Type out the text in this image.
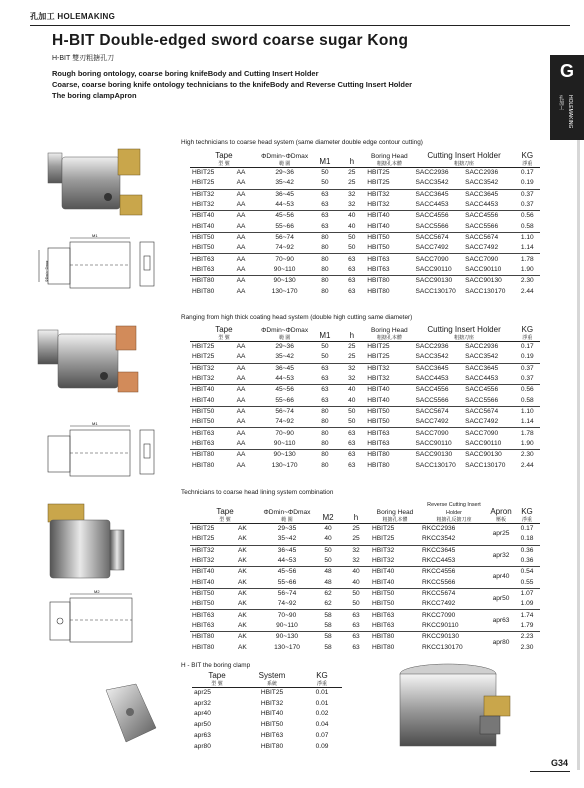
孔加工 HOLEMAKING
H-BIT Double-edged sword coarse sugar Kong
H-BIT 雙刃粗搪孔刀
Rough boring ontology, coarse boring knifeBody and Cutting Insert Holder
Coarse, coarse boring knife ontology technicians to the knifeBody and Reverse Cutting Insert Holder
The boring clampApron
G
孔加工 HOLEMAKING
M1
ΦDmin~Dmax
M1
M2
High technicians to coarse head system (same diameter double edge contour cutting)
Tape
型 號		ΦDmin~ΦDmax
範 圍	M1	h	Boring Head
粗搪孔本體	Cutting Insert Holder
粗搪刀座		KG
淨重

HBIT25	AA	29~36	50	25	HBIT25	SACC2936	SACC2936	0.17
HBIT25	AA	35~42	50	25	HBIT25	SACC3542	SACC3542	0.19
HBIT32	AA	36~45	63	32	HBIT32	SACC3645	SACC3645	0.37
HBIT32	AA	44~53	63	32	HBIT32	SACC4453	SACC4453	0.37
HBIT40	AA	45~56	63	40	HBIT40	SACC4556	SACC4556	0.56
HBIT40	AA	55~66	63	40	HBIT40	SACC5566	SACC5566	0.58
HBIT50	AA	56~74	80	50	HBIT50	SACC5674	SACC5674	1.10
HBIT50	AA	74~92	80	50	HBIT50	SACC7492	SACC7492	1.14
HBIT63	AA	70~90	80	63	HBIT63	SACC7090	SACC7090	1.78
HBIT63	AA	90~110	80	63	HBIT63	SACC90110	SACC90110	1.90
HBIT80	AA	90~130	80	63	HBIT80	SACC90130	SACC90130	2.30
HBIT80	AA	130~170	80	63	HBIT80	SACC130170	SACC130170	2.44
Ranging from high thick coating head system (double high cutting same diameter)
Tape
型 號		ΦDmin~ΦDmax
範 圍	M1	h	Boring Head
粗搪孔本體	Cutting Insert Holder
粗搪刀座		KG
淨重

HBIT25	AA	29~36	50	25	HBIT25	SACC2936	SACC2936	0.17
HBIT25	AA	35~42	50	25	HBIT25	SACC3542	SACC3542	0.19
HBIT32	AA	36~45	63	32	HBIT32	SACC3645	SACC3645	0.37
HBIT32	AA	44~53	63	32	HBIT32	SACC4453	SACC4453	0.37
HBIT40	AA	45~56	63	40	HBIT40	SACC4556	SACC4556	0.56
HBIT40	AA	55~66	63	40	HBIT40	SACC5566	SACC5566	0.58
HBIT50	AA	56~74	80	50	HBIT50	SACC5674	SACC5674	1.10
HBIT50	AA	74~92	80	50	HBIT50	SACC7492	SACC7492	1.14
HBIT63	AA	70~90	80	63	HBIT63	SACC7090	SACC7090	1.78
HBIT63	AA	90~110	80	63	HBIT63	SACC90110	SACC90110	1.90
HBIT80	AA	90~130	80	63	HBIT80	SACC90130	SACC90130	2.30
HBIT80	AA	130~170	80	63	HBIT80	SACC130170	SACC130170	2.44
Technicians to coarse head lining system combination
Tape
型 號		ΦDmin~ΦDmax
範 圍	M2	h	Boring Head
粗搪孔本體	Reverse Cutting Insert Holder
粗搪孔反搪刀座	Apron
壓板	KG
淨重

HBIT25	AK	29~35	40	25	HBIT25	RKCC2936	apr25	0.17
HBIT25	AK	35~42	40	25	HBIT25	RKCC3542		0.18
HBIT32	AK	36~45	50	32	HBIT32	RKCC3645	apr32	0.36
HBIT32	AK	44~53	50	32	HBIT32	RKCC4453		0.36
HBIT40	AK	45~56	48	40	HBIT40	RKCC4556	apr40	0.54
HBIT40	AK	55~66	48	40	HBIT40	RKCC5566		0.55
HBIT50	AK	56~74	62	50	HBIT50	RKCC5674	apr50	1.07
HBIT50	AK	74~92	62	50	HBIT50	RKCC7492		1.09
HBIT63	AK	70~90	58	63	HBIT63	RKCC7090	apr63	1.74
HBIT63	AK	90~110	58	63	HBIT63	RKCC90110		1.79
HBIT80	AK	90~130	58	63	HBIT80	RKCC90130	apr80	2.23
HBIT80	AK	130~170	58	63	HBIT80	RKCC130170		2.30
H - BIT the boring clamp
Tape
型 號	System
系統	KG
淨重

apr25	HBIT25	0.01
apr32	HBIT32	0.01
apr40	HBIT40	0.02
apr50	HBIT50	0.04
apr63	HBIT63	0.07
apr80	HBIT80	0.09
G34
